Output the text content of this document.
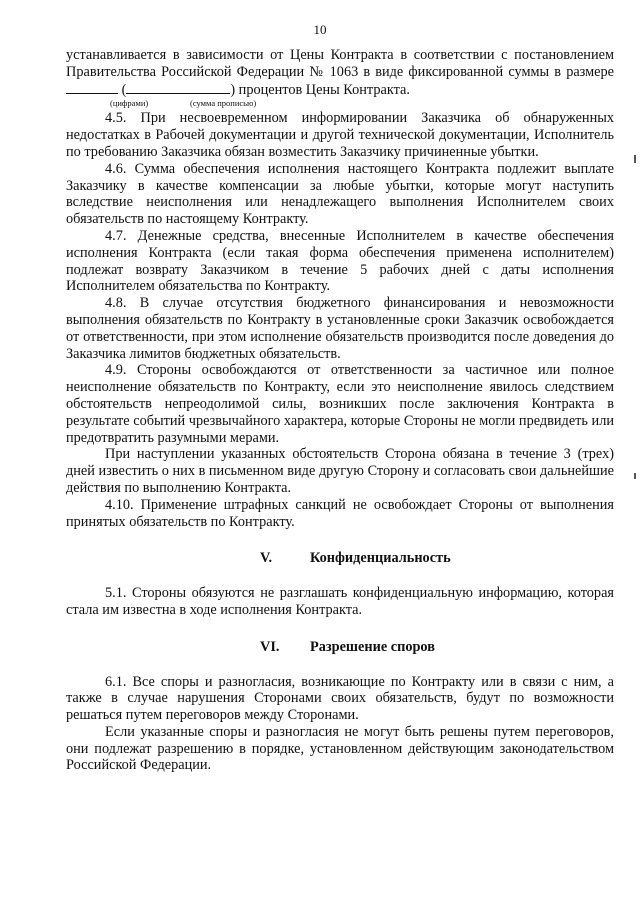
10

устанавливается в зависимости от Цены Контракта в соответствии с постановлением Правительства Российской Федерации № 1063 в виде фиксированной суммы в размере  (	) процентов Цены Контракта.

(цифрами)	(сумма прописью)

4.5. При несвоевременном информировании Заказчика об обнаруженных недостатках в Рабочей документации и другой технической документации, Исполнитель по требованию Заказчика обязан возместить Заказчику причиненные убытки.

4.6. Сумма обеспечения исполнения настоящего Контракта подлежит выплате Заказчику в качестве компенсации за любые убытки, которые могут наступить вследствие неисполнения или ненадлежащего выполнения Исполнителем своих обязательств по настоящему Контракту.

4.7. Денежные средства, внесенные Исполнителем в качестве обеспечения исполнения Контракта (если такая форма обеспечения применена исполнителем) подлежат возврату Заказчиком в течение 5 рабочих дней с даты исполнения Исполнителем обязательства по Контракту.

4.8. В случае отсутствия бюджетного финансирования и невозможности выполнения обязательств по Контракту в установленные сроки Заказчик освобождается от ответственности, при этом исполнение обязательств производится после доведения до Заказчика лимитов бюджетных обязательств.

4.9. Стороны освобождаются от ответственности за частичное или полное неисполнение обязательств по Контракту, если это неисполнение явилось следствием обстоятельств непреодолимой силы, возникших после заключения Контракта в результате событий чрезвычайного характера, которые Стороны не могли предвидеть или предотвратить разумными мерами.

При наступлении указанных обстоятельств Сторона обязана в течение 3 (трех) дней известить о них в письменном виде другую Сторону и согласовать свои дальнейшие действия по выполнению Контракта.

4.10. Применение штрафных санкций не освобождает Стороны от выполнения принятых обязательств по Контракту.

V.	Конфиденциальность

5.1. Стороны обязуются не разглашать конфиденциальную информацию, которая стала им известна в ходе исполнения Контракта.

VI. Разрешение споров

6.1. Все споры и разногласия, возникающие по Контракту или в связи с ним, а также в случае нарушения Сторонами своих обязательств, будут по возможности решаться путем переговоров между Сторонами.

Если указанные споры и разногласия не могут быть решены путем переговоров, они подлежат разрешению в порядке, установленном действующим законодательством Российской Федерации.
